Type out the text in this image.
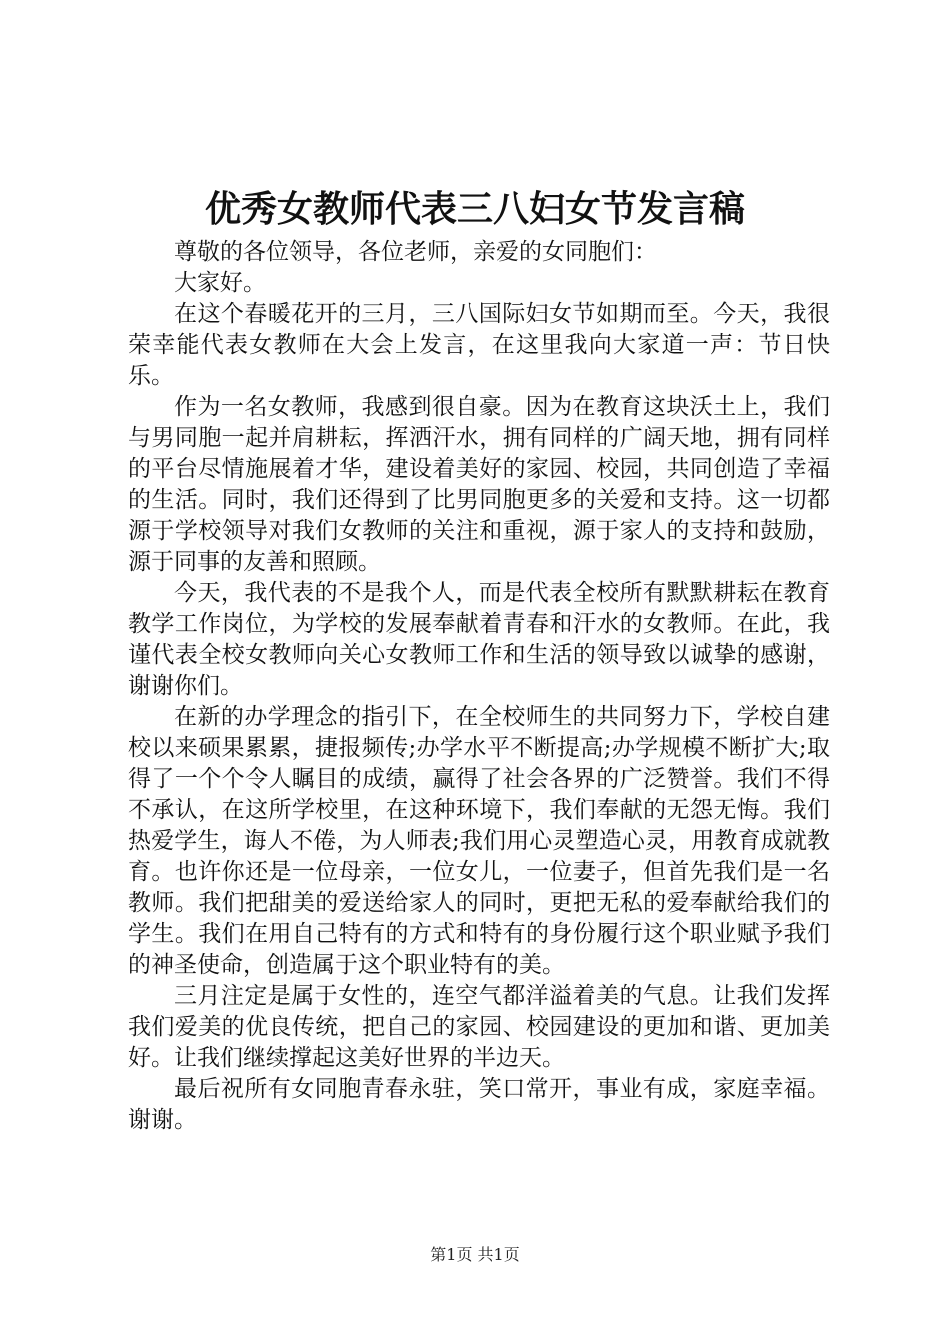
优秀女教师代表三八妇女节发言稿

尊敬的各位领导，各位老师，亲爱的女同胞们：

大家好。

在这个春暖花开的三月，三八国际妇女节如期而至。今天，我很荣幸能代表女教师在大会上发言，在这里我向大家道一声：节日快乐。

作为一名女教师，我感到很自豪。因为在教育这块沃土上，我们与男同胞一起并肩耕耘，挥洒汗水，拥有同样的广阔天地，拥有同样的平台尽情施展着才华，建设着美好的家园、校园，共同创造了幸福的生活。同时，我们还得到了比男同胞更多的关爱和支持。这一切都源于学校领导对我们女教师的关注和重视，源于家人的支持和鼓励，源于同事的友善和照顾。

今天，我代表的不是我个人，而是代表全校所有默默耕耘在教育教学工作岗位，为学校的发展奉献着青春和汗水的女教师。在此，我谨代表全校女教师向关心女教师工作和生活的领导致以诚挚的感谢，谢谢你们。

在新的办学理念的指引下，在全校师生的共同努力下，学校自建校以来硕果累累，捷报频传;办学水平不断提高;办学规模不断扩大;取得了一个个令人瞩目的成绩，赢得了社会各界的广泛赞誉。我们不得不承认，在这所学校里，在这种环境下，我们奉献的无怨无悔。我们热爱学生，诲人不倦，为人师表;我们用心灵塑造心灵，用教育成就教育。也许你还是一位母亲，一位女儿，一位妻子，但首先我们是一名教师。我们把甜美的爱送给家人的同时，更把无私的爱奉献给我们的学生。我们在用自己特有的方式和特有的身份履行这个职业赋予我们的神圣使命，创造属于这个职业特有的美。

三月注定是属于女性的，连空气都洋溢着美的气息。让我们发挥我们爱美的优良传统，把自己的家园、校园建设的更加和谐、更加美好。让我们继续撑起这美好世界的半边天。

最后祝所有女同胞青春永驻，笑口常开，事业有成，家庭幸福。谢谢。

第1页 共1页
